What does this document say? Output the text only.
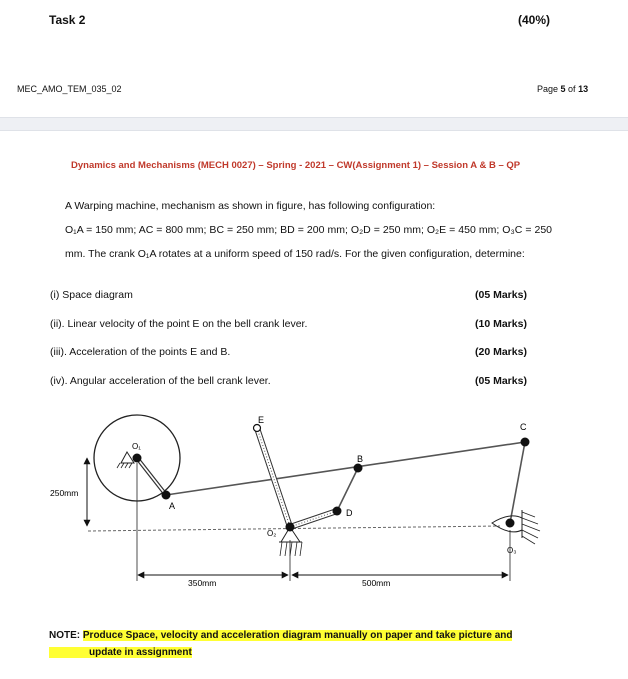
Task 2	(40%)
MEC_AMO_TEM_035_02	Page 5 of 13
Dynamics and Mechanisms (MECH 0027) – Spring - 2021 – CW(Assignment 1) – Session A & B – QP

A Warping machine, mechanism as shown in figure, has following configuration:

O₁A = 150 mm; AC = 800 mm; BC = 250 mm; BD = 200 mm; O₂D = 250 mm; O₂E = 450 mm; O₃C = 250 mm. The crank O₁A rotates at a uniform speed of 150 rad/s. For the given configuration, determine:

(i) Space diagram	(05 Marks)
(ii). Linear velocity of the point E on the bell crank lever.	(10 Marks)
(iii). Acceleration of the points E and B.	(20 Marks)
(iv). Angular acceleration of the bell crank lever.	(05 Marks)
O₁
A
B
C
D
E
O₂
O₃
250mm
350mm	500mm
NOTE: Produce Space, velocity and acceleration diagram manually on paper and take picture and
update in assignment
